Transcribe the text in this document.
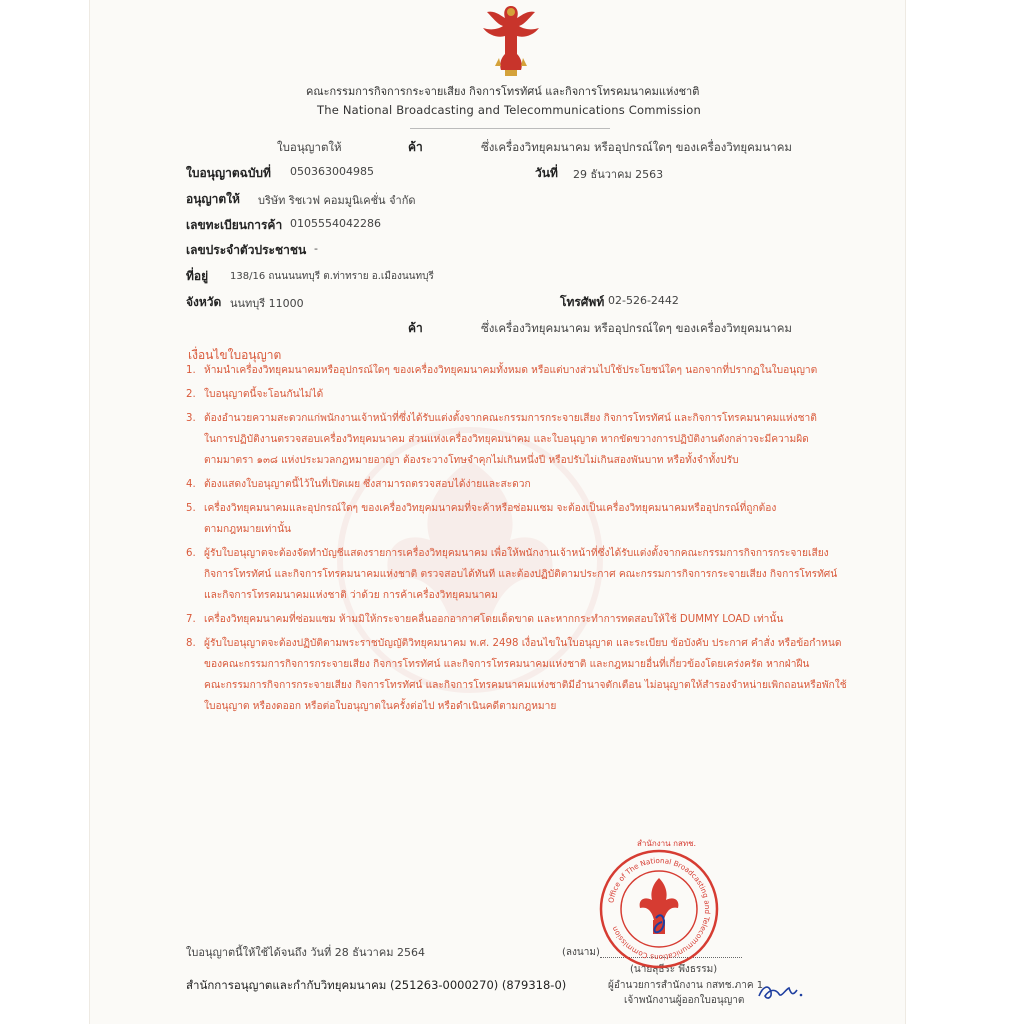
คณะกรรมการกิจการกระจายเสียง กิจการโทรทัศน์ และกิจการโทรคมนาคมแห่งชาติ
The National Broadcasting and Telecommunications Commission
ใบอนุญาตให้	ค้า	ซึ่งเครื่องวิทยุคมนาคม หรืออุปกรณ์ใดๆ ของเครื่องวิทยุคมนาคม
ใบอนุญาตฉบับที่ 050363004985	วันที่ 29 ธันวาคม 2563
อนุญาตให้ บริษัท ริชเวฟ คอมมูนิเคชั่น จำกัด
เลขทะเบียนการค้า 0105554042286
เลขประจำตัวประชาชน -
ที่อยู่ 138/16 ถนนนนทบุรี ต.ท่าทราย อ.เมืองนนทบุรี
จังหวัด นนทบุรี 11000	โทรศัพท์ 02-526-2442
ค้า	ซึ่งเครื่องวิทยุคมนาคม หรืออุปกรณ์ใดๆ ของเครื่องวิทยุคมนาคม
เงื่อนไขใบอนุญาต
1. ห้ามนำเครื่องวิทยุคมนาคมหรืออุปกรณ์ใดๆ ของเครื่องวิทยุคมนาคมทั้งหมด หรือแต่บางส่วนไปใช้ประโยชน์ใดๆ นอกจากที่ปรากฏในใบอนุญาต
2. ใบอนุญาตนี้จะโอนกันไม่ได้
3. ต้องอำนวยความสะดวกแก่พนักงานเจ้าหน้าที่ซึ่งได้รับแต่งตั้งจากคณะกรรมการกระจายเสียง กิจการโทรทัศน์ และกิจการโทรคมนาคมแห่งชาติ
ในการปฏิบัติงานตรวจสอบเครื่องวิทยุคมนาคม ส่วนแห่งเครื่องวิทยุคมนาคม และใบอนุญาต หากขัดขวางการปฏิบัติงานดังกล่าวจะมีความผิด
ตามมาตรา ๑๓๘ แห่งประมวลกฎหมายอาญา ต้องระวางโทษจำคุกไม่เกินหนึ่งปี หรือปรับไม่เกินสองพันบาท หรือทั้งจำทั้งปรับ
4. ต้องแสดงใบอนุญาตนี้ไว้ในที่เปิดเผย ซึ่งสามารถตรวจสอบได้ง่ายและสะดวก
5. เครื่องวิทยุคมนาคมและอุปกรณ์ใดๆ ของเครื่องวิทยุคมนาคมที่จะค้าหรือซ่อมแซม จะต้องเป็นเครื่องวิทยุคมนาคมหรืออุปกรณ์ที่ถูกต้อง
ตามกฎหมายเท่านั้น
6. ผู้รับใบอนุญาตจะต้องจัดทำบัญชีแสดงรายการเครื่องวิทยุคมนาคม เพื่อให้พนักงานเจ้าหน้าที่ซึ่งได้รับแต่งตั้งจากคณะกรรมการกิจการกระจายเสียง
กิจการโทรทัศน์ และกิจการโทรคมนาคมแห่งชาติ ตรวจสอบได้ทันที และต้องปฏิบัติตามประกาศ คณะกรรมการกิจการกระจายเสียง กิจการโทรทัศน์
และกิจการโทรคมนาคมแห่งชาติ ว่าด้วย การค้าเครื่องวิทยุคมนาคม
7. เครื่องวิทยุคมนาคมที่ซ่อมแซม ห้ามมิให้กระจายคลื่นออกอากาศโดยเด็ดขาด และหากกระทำการทดสอบให้ใช้ DUMMY LOAD เท่านั้น
8. ผู้รับใบอนุญาตจะต้องปฏิบัติตามพระราชบัญญัติวิทยุคมนาคม พ.ศ. 2498 เงื่อนไขในใบอนุญาต และระเบียบ ข้อบังคับ ประกาศ คำสั่ง หรือข้อกำหนด
ของคณะกรรมการกิจการกระจายเสียง กิจการโทรทัศน์ และกิจการโทรคมนาคมแห่งชาติ และกฎหมายอื่นที่เกี่ยวข้องโดยเคร่งครัด หากฝ่าฝืน
คณะกรรมการกิจการกระจายเสียง กิจการโทรทัศน์ และกิจการโทรคมนาคมแห่งชาติมีอำนาจตักเตือน ไม่อนุญาตให้สำรองจำหน่ายเพิกถอนหรือพักใช้
ใบอนุญาต หรืองดออก หรือต่อใบอนุญาตในครั้งต่อไป หรือดำเนินคดีตามกฎหมาย
ใบอนุญาตนี้ให้ใช้ได้จนถึง วันที่ 28 ธันวาคม 2564
สำนักการอนุญาตและกำกับวิทยุคมนาคม (251263-0000270) (879318-0)
(ลงนาม)
(นายสุธีระ พึ่งธรรม)
ผู้อำนวยการสำนักงาน กสทช.ภาค 1
เจ้าพนักงานผู้ออกใบอนุญาต
Office of The National Broadcasting and Telecommunications Commission
สำนักงาน กสทช.
